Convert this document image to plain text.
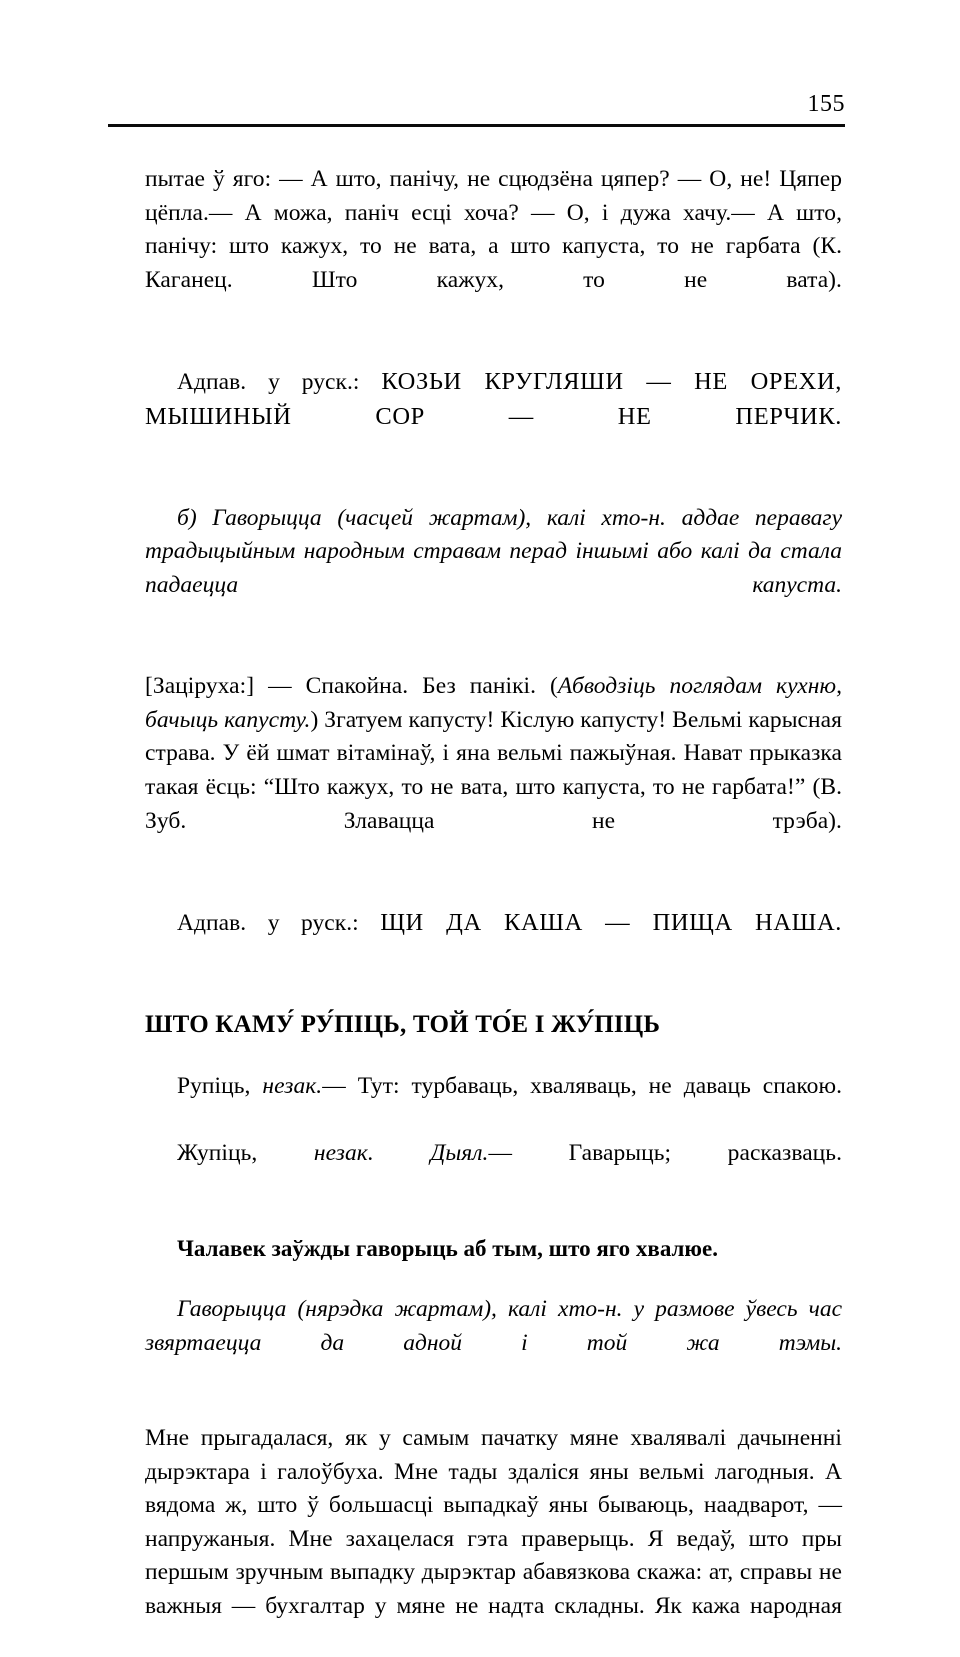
155

пытае ў яго: — А што, панічу, не сцюдзёна цяпер? — О, не! Цяпер цёпла.— А можа, паніч есці хоча? — О, і дужа хачу.— А што, панічу: што кажух, то не вата, а што капуста, то не гарбата (К. Каганец. Што кажух, то не вата).

Адпав. у руск.: КОЗЬИ КРУГЛЯШИ — НЕ ОРЕХИ, МЫШИНЫЙ СОР — НЕ ПЕРЧИК.

б) Гаворыцца (часцей жартам), калі хто-н. аддае перавагу традыцыйным народным стравам перад іншымі або калі да стала падаецца капуста.

[Зацiруха:] — Спакойна. Без панікі. (Абводзіць поглядам кухню, бачыць капусту.) Згатуем капусту! Кіслую капусту! Вельмі карысная страва. У ёй шмат вітамінаў, і яна вельмі пажыўная. Нават прыказка такая ёсць: “Што кажух, то не вата, што капуста, то не гарбата!” (В. Зуб. Злавацца не трэба).

Адпав. у руск.: ЩИ ДА КАША — ПИЩА НАША.

ШТО КАМУ́ РУ́ПІЦЬ, ТОЙ ТО́Е І ЖУ́ПІЦЬ

Рупіць, незак.— Тут: турбаваць, хваляваць, не даваць спакою.

Жупіць, незак. Дыял.— Гаварыць; расказваць.

Чалавек заўжды гаворыць аб тым, што яго хвалюе.

Гаворыцца (нярэдка жартам), калі хто-н. у размове ўвесь час звяртаецца да адной і той жа тэмы.

Мне прыгадалася, як у самым пачатку мяне хвалявалі дачыненні дырэктара і галоўбуха. Мне тады здаліся яны вельмі лагодныя. А вядома ж, што ў большасці выпадкаў яны бываюць, наадварот, — напружаныя. Мне захацелася гэта праверыць. Я ведаў, што пры першым зручным выпадку дырэктар абавязкова скажа: ат, справы не важныя — бухгалтар у мяне не надта складны. Як кажа народная
